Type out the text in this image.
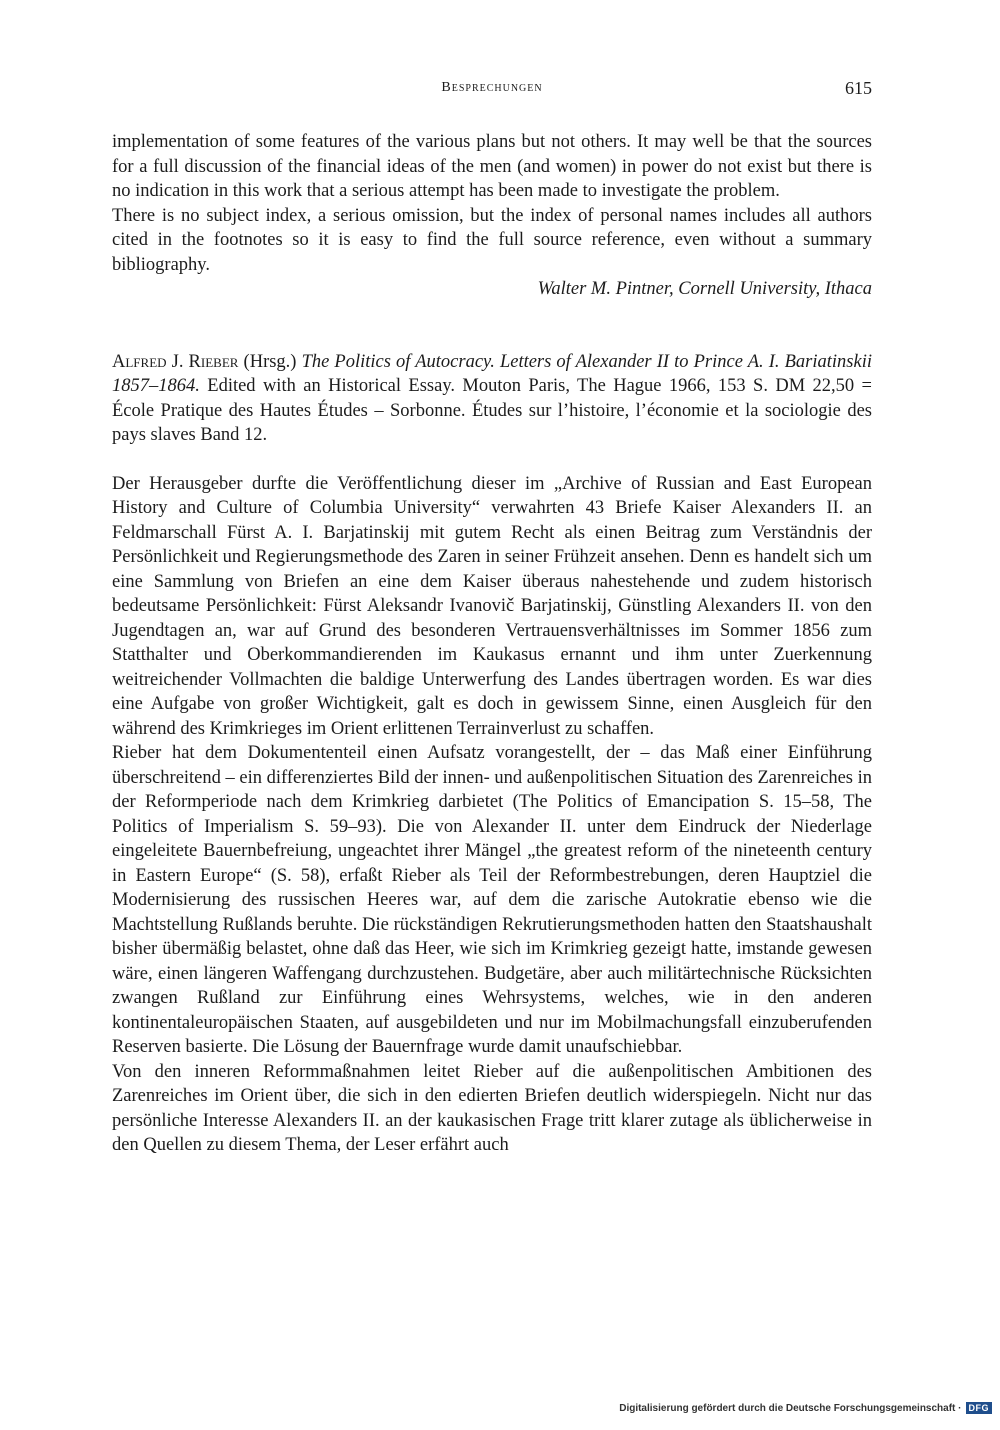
Besprechungen	615

implementation of some features of the various plans but not others. It may well be that the sources for a full discussion of the financial ideas of the men (and women) in power do not exist but there is no indication in this work that a serious attempt has been made to investigate the problem.

There is no subject index, a serious omission, but the index of personal names includes all authors cited in the footnotes so it is easy to find the full source reference, even without a summary bibliography.

Walter M. Pintner, Cornell University, Ithaca

Alfred J. Rieber (Hrsg.) The Politics of Autocracy. Letters of Alexander II to Prince A. I. Bariatinskii 1857–1864. Edited with an Historical Essay. Mouton Paris, The Hague 1966, 153 S. DM 22,50 = École Pratique des Hautes Études – Sorbonne. Études sur l’histoire, l’économie et la sociologie des pays slaves Band 12.

Der Herausgeber durfte die Veröffentlichung dieser im „Archive of Russian and East European History and Culture of Columbia University“ verwahrten 43 Briefe Kaiser Alexanders II. an Feldmarschall Fürst A. I. Barjatinskij mit gutem Recht als einen Beitrag zum Verständnis der Persönlichkeit und Regierungsmethode des Zaren in seiner Frühzeit ansehen. Denn es handelt sich um eine Sammlung von Briefen an eine dem Kaiser überaus nahestehende und zudem historisch bedeutsame Persönlichkeit: Fürst Aleksandr Ivanovič Barjatinskij, Günstling Alexanders II. von den Jugendtagen an, war auf Grund des besonderen Vertrauensverhältnisses im Sommer 1856 zum Statthalter und Oberkommandierenden im Kaukasus ernannt und ihm unter Zuerkennung weitreichender Vollmachten die baldige Unterwerfung des Landes übertragen worden. Es war dies eine Aufgabe von großer Wichtigkeit, galt es doch in gewissem Sinne, einen Ausgleich für den während des Krimkrieges im Orient erlittenen Terrainverlust zu schaffen.

Rieber hat dem Dokumententeil einen Aufsatz vorangestellt, der – das Maß einer Einführung überschreitend – ein differenziertes Bild der innen- und außenpolitischen Situation des Zarenreiches in der Reformperiode nach dem Krimkrieg darbietet (The Politics of Emancipation S. 15–58, The Politics of Imperialism S. 59–93). Die von Alexander II. unter dem Eindruck der Niederlage eingeleitete Bauernbefreiung, ungeachtet ihrer Mängel „the greatest reform of the nineteenth century in Eastern Europe“ (S. 58), erfaßt Rieber als Teil der Reformbestrebungen, deren Hauptziel die Modernisierung des russischen Heeres war, auf dem die zarische Autokratie ebenso wie die Machtstellung Rußlands beruhte. Die rückständigen Rekrutierungsmethoden hatten den Staatshaushalt bisher übermäßig belastet, ohne daß das Heer, wie sich im Krimkrieg gezeigt hatte, imstande gewesen wäre, einen längeren Waffengang durchzustehen. Budgetäre, aber auch militärtechnische Rücksichten zwangen Rußland zur Einführung eines Wehrsystems, welches, wie in den anderen kontinentaleuropäischen Staaten, auf ausgebildeten und nur im Mobilmachungsfall einzuberufenden Reserven basierte. Die Lösung der Bauernfrage wurde damit unaufschiebbar.

Von den inneren Reformmaßnahmen leitet Rieber auf die außenpolitischen Ambitionen des Zarenreiches im Orient über, die sich in den edierten Briefen deutlich widerspiegeln. Nicht nur das persönliche Interesse Alexanders II. an der kaukasischen Frage tritt klarer zutage als üblicherweise in den Quellen zu diesem Thema, der Leser erfährt auch

Digitalisierung gefördert durch die Deutsche Forschungsgemeinschaft · DFG
